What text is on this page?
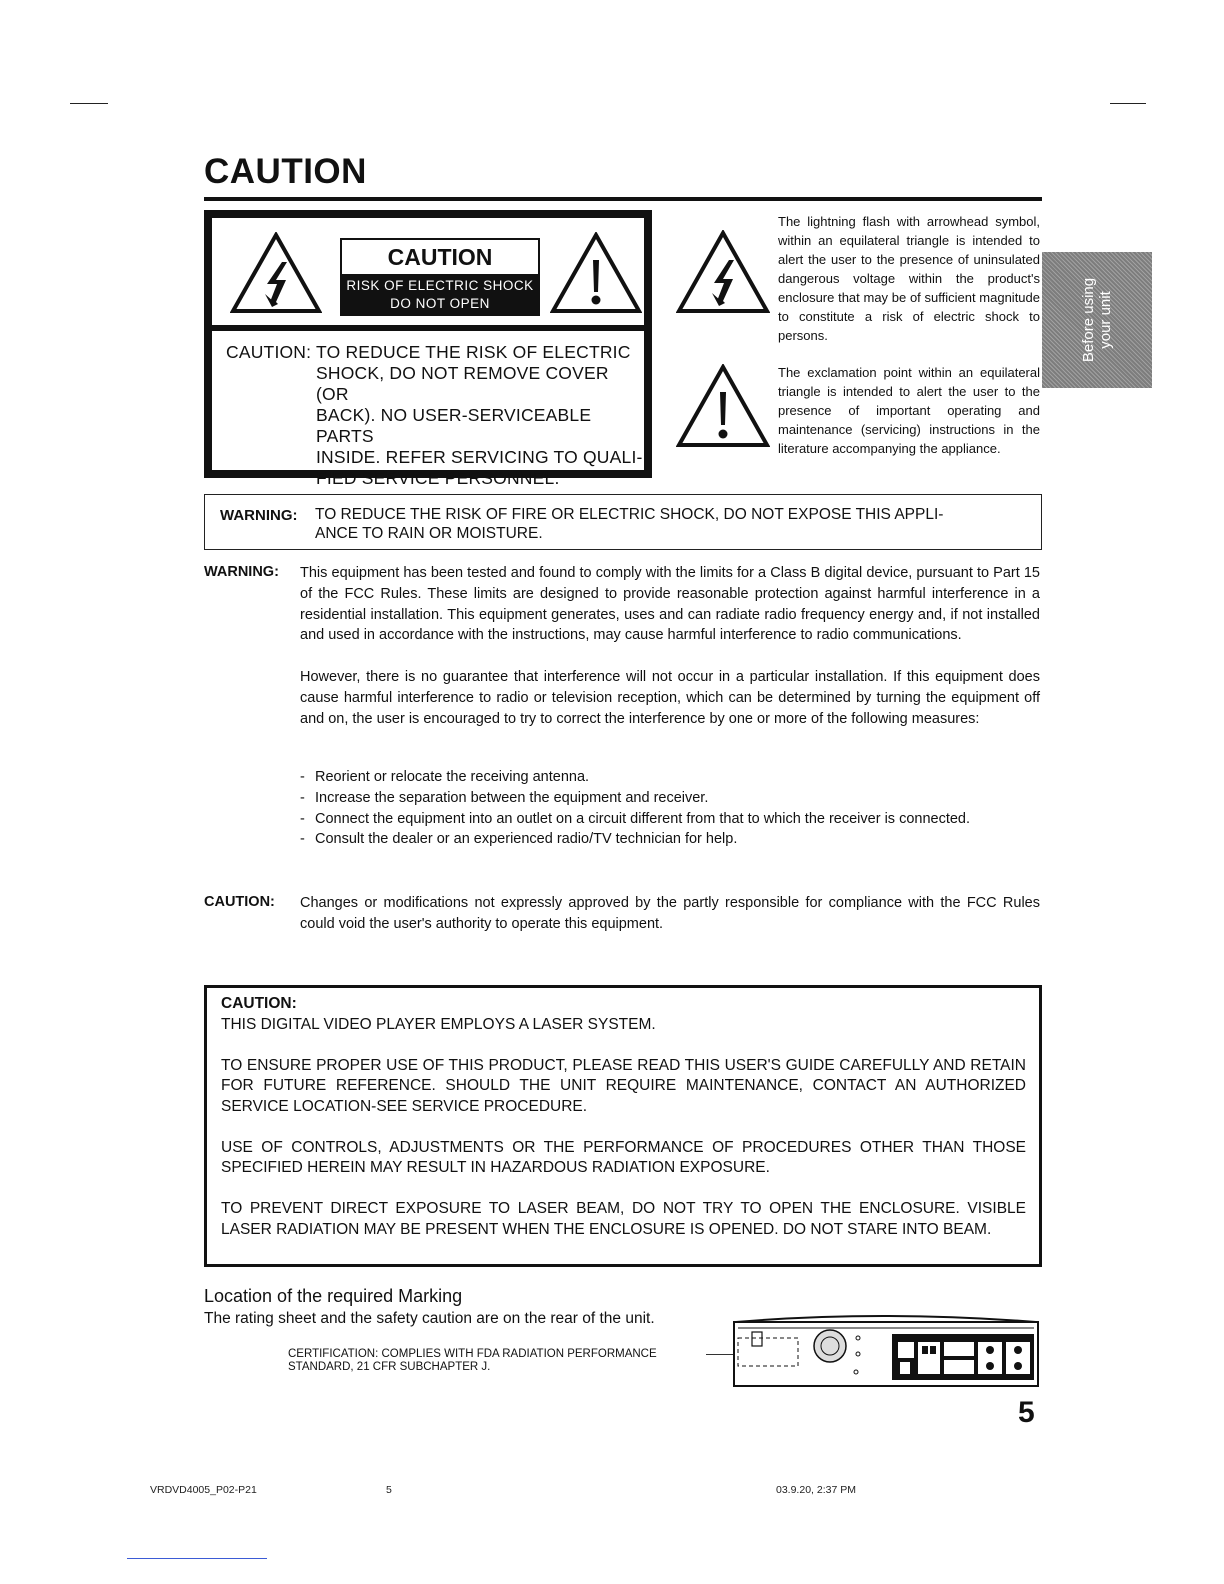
CAUTION
Before using
your unit
CAUTION
RISK OF ELECTRIC SHOCK
DO NOT OPEN
CAUTION: TO REDUCE THE RISK OF ELECTRIC
SHOCK, DO NOT REMOVE COVER (OR
BACK). NO USER-SERVICEABLE PARTS
INSIDE. REFER SERVICING TO QUALI-
FIED SERVICE PERSONNEL.
The lightning flash with arrowhead symbol, within an equilateral triangle is intended to alert the user to the presence of uninsulated dangerous voltage within the product's enclosure that may be of sufficient magnitude to constitute a risk of electric shock to persons.
The exclamation point within an equilateral triangle is intended to alert the user to the presence of important operating and maintenance (servicing) instructions in the literature accompanying the appliance.
WARNING: TO REDUCE THE RISK OF FIRE OR ELECTRIC SHOCK, DO NOT EXPOSE THIS APPLI-
ANCE TO RAIN OR MOISTURE.
WARNING: This equipment has been tested and found to comply with the limits for a Class B digital device, pursuant to Part 15 of the FCC Rules. These limits are designed to provide reasonable protection against harmful interference in a residential installation. This equipment generates, uses and can radiate radio frequency energy and, if not installed and used in accordance with the instructions, may cause harmful interference to radio communications.
However, there is no guarantee that interference will not occur in a particular installation. If this equipment does cause harmful interference to radio or television reception, which can be determined by turning the equipment off and on, the user is encouraged to try to correct the interference by one or more of the following measures:
- Reorient or relocate the receiving antenna.
- Increase the separation between the equipment and receiver.
- Connect the equipment into an outlet on a circuit different from that to which the receiver is connected.
- Consult the dealer or an experienced radio/TV technician for help.
CAUTION: Changes or modifications not expressly approved by the partly responsible for compliance with the FCC Rules could void the user's authority to operate this equipment.
CAUTION:

THIS DIGITAL VIDEO PLAYER EMPLOYS A LASER SYSTEM.

TO ENSURE PROPER USE OF THIS PRODUCT, PLEASE READ THIS USER'S GUIDE CAREFULLY AND RETAIN FOR FUTURE REFERENCE. SHOULD THE UNIT REQUIRE MAINTENANCE, CONTACT AN AUTHORIZED SERVICE LOCATION-SEE SERVICE PROCEDURE.

USE OF CONTROLS, ADJUSTMENTS OR THE PERFORMANCE OF PROCEDURES OTHER THAN THOSE SPECIFIED HEREIN MAY RESULT IN HAZARDOUS RADIATION EXPOSURE.

TO PREVENT DIRECT EXPOSURE TO LASER BEAM, DO NOT TRY TO OPEN THE ENCLOSURE. VISIBLE LASER RADIATION MAY BE PRESENT WHEN THE ENCLOSURE IS OPENED. DO NOT STARE INTO BEAM.

Location of the required Marking
The rating sheet and the safety caution are on the rear of the unit.
CERTIFICATION: COMPLIES WITH FDA RADIATION PERFORMANCE
STANDARD, 21 CFR SUBCHAPTER J.
5
VRDVD4005_P02-P21	5	03.9.20, 2:37 PM
